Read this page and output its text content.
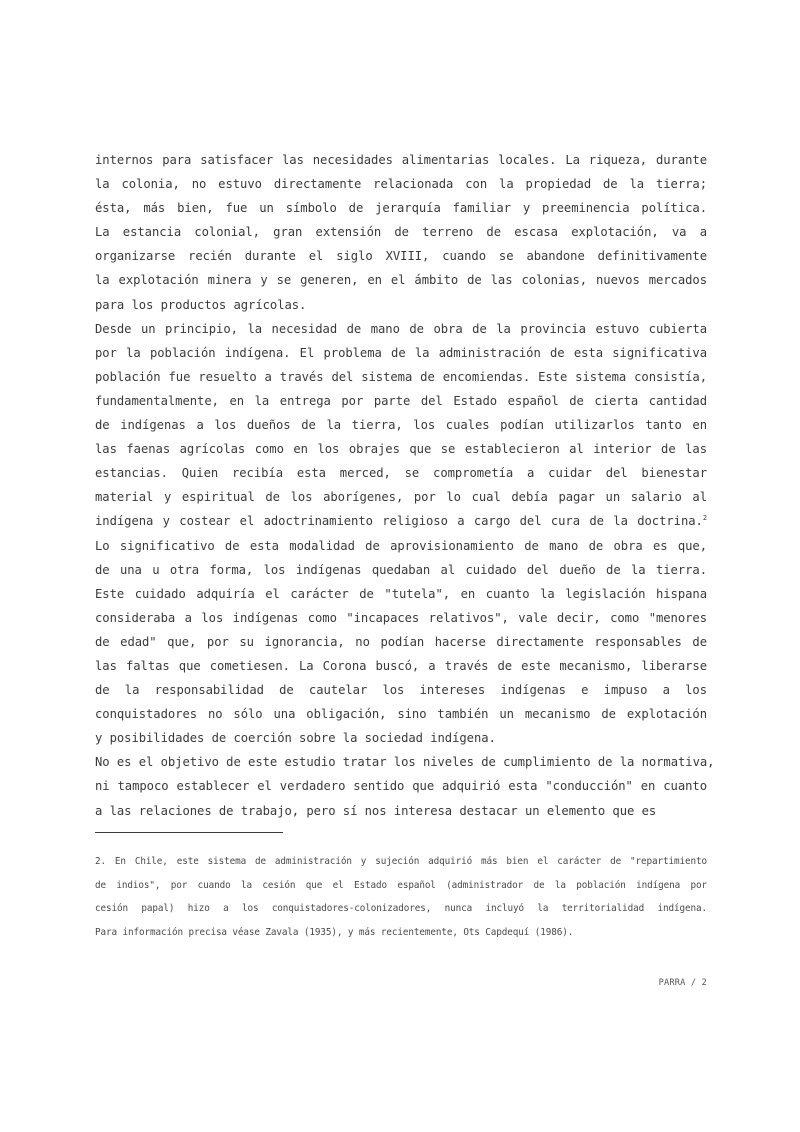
internos para satisfacer las necesidades alimentarias locales. La riqueza, durante
la colonia, no estuvo directamente relacionada con la propiedad de la tierra;
ésta, más bien, fue un símbolo de jerarquía familiar y preeminencia política.
La estancia colonial, gran extensión de terreno de escasa explotación, va a
organizarse recién durante el siglo XVIII, cuando se abandone definitivamente
la explotación minera y se generen, en el ámbito de las colonias, nuevos mercados
para los productos agrícolas.
Desde un principio, la necesidad de mano de obra de la provincia estuvo cubierta
por la población indígena. El problema de la administración de esta significativa
población fue resuelto a través del sistema de encomiendas. Este sistema consistía,
fundamentalmente, en la entrega por parte del Estado español de cierta cantidad
de indígenas a los dueños de la tierra, los cuales podían utilizarlos tanto en
las faenas agrícolas como en los obrajes que se establecieron al interior de las
estancias. Quien recibía esta merced, se comprometía a cuidar del bienestar
material y espiritual de los aborígenes, por lo cual debía pagar un salario al
indígena y costear el adoctrinamiento religioso a cargo del cura de la doctrina.$^2$
Lo significativo de esta modalidad de aprovisionamiento de mano de obra es que,
de una u otra forma, los indígenas quedaban al cuidado del dueño de la tierra.
Este cuidado adquiría el carácter de "tutela", en cuanto la legislación hispana
consideraba a los indígenas como "incapaces relativos", vale decir, como "menores
de edad" que, por su ignorancia, no podían hacerse directamente responsables de
las faltas que cometiesen. La Corona buscó, a través de este mecanismo, liberarse
de la responsabilidad de cautelar los intereses indígenas e impuso a los
conquistadores no sólo una obligación, sino también un mecanismo de explotación
y posibilidades de coerción sobre la sociedad indígena.
No es el objetivo de este estudio tratar los niveles de cumplimiento de la normativa,
ni tampoco establecer el verdadero sentido que adquirió esta "conducción" en cuanto
a las relaciones de trabajo, pero sí nos interesa destacar un elemento que es
2. En Chile, este sistema de administración y sujeción adquirió más bien el carácter de "repartimiento
de indios", por cuando la cesión que el Estado español (administrador de la población indígena por
cesión papal) hizo a los conquistadores-colonizadores, nunca incluyó la territorialidad indígena.
Para información precisa véase Zavala (1935), y más recientemente, Ots Capdequí (1986).
PARRA / 2
